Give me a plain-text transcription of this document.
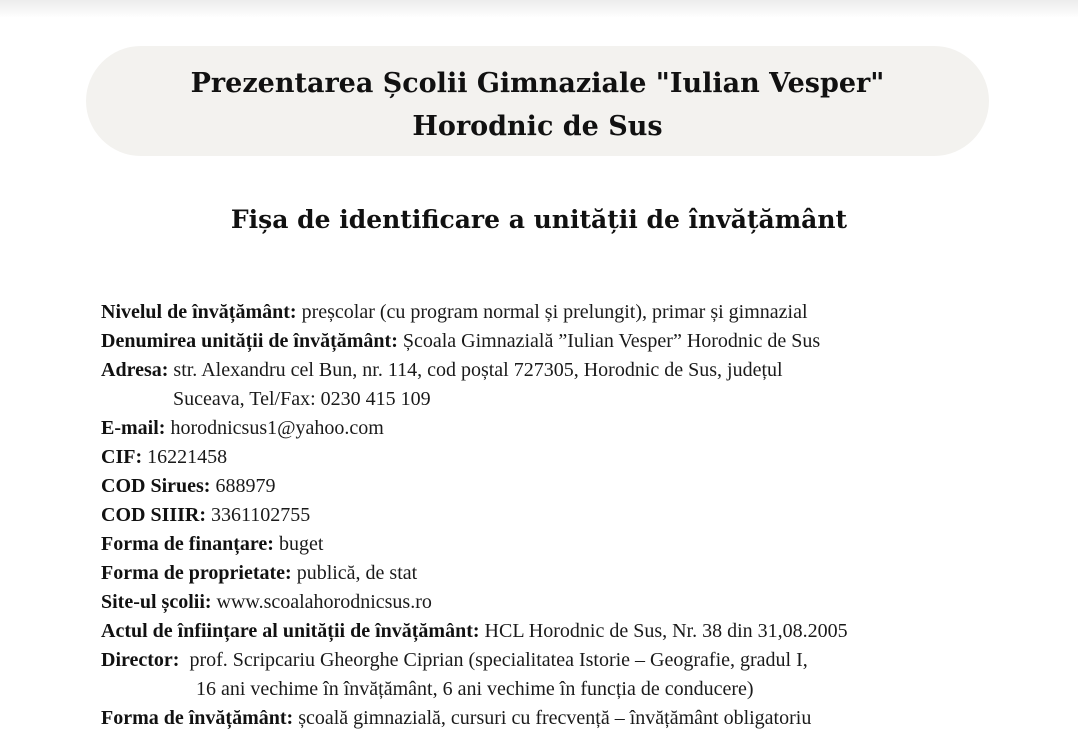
Prezentarea Școlii Gimnaziale "Iulian Vesper"
Horodnic de Sus
Fișa de identificare a unității de învățământ
Nivelul de învățământ: preșcolar (cu program normal și prelungit), primar și gimnazial
Denumirea unității de învățământ: Școala Gimnazială ”Iulian Vesper” Horodnic de Sus
Adresa: str. Alexandru cel Bun, nr. 114, cod poștal 727305, Horodnic de Sus, județul
Suceava, Tel/Fax: 0230 415 109
E-mail: horodnicsus1@yahoo.com
CIF: 16221458
COD Sirues: 688979
COD SIIIR: 3361102755
Forma de finanțare: buget
Forma de proprietate: publică, de stat
Site-ul școlii: www.scoalahorodnicsus.ro
Actul de înființare al unității de învățământ: HCL Horodnic de Sus, Nr. 38 din 31,08.2005
Director:  prof. Scripcariu Gheorghe Ciprian (specialitatea Istorie – Geografie, gradul I,
16 ani vechime în învățământ, 6 ani vechime în funcția de conducere)
Forma de învățământ: școală gimnazială, cursuri cu frecvență – învățământ obligatoriu
